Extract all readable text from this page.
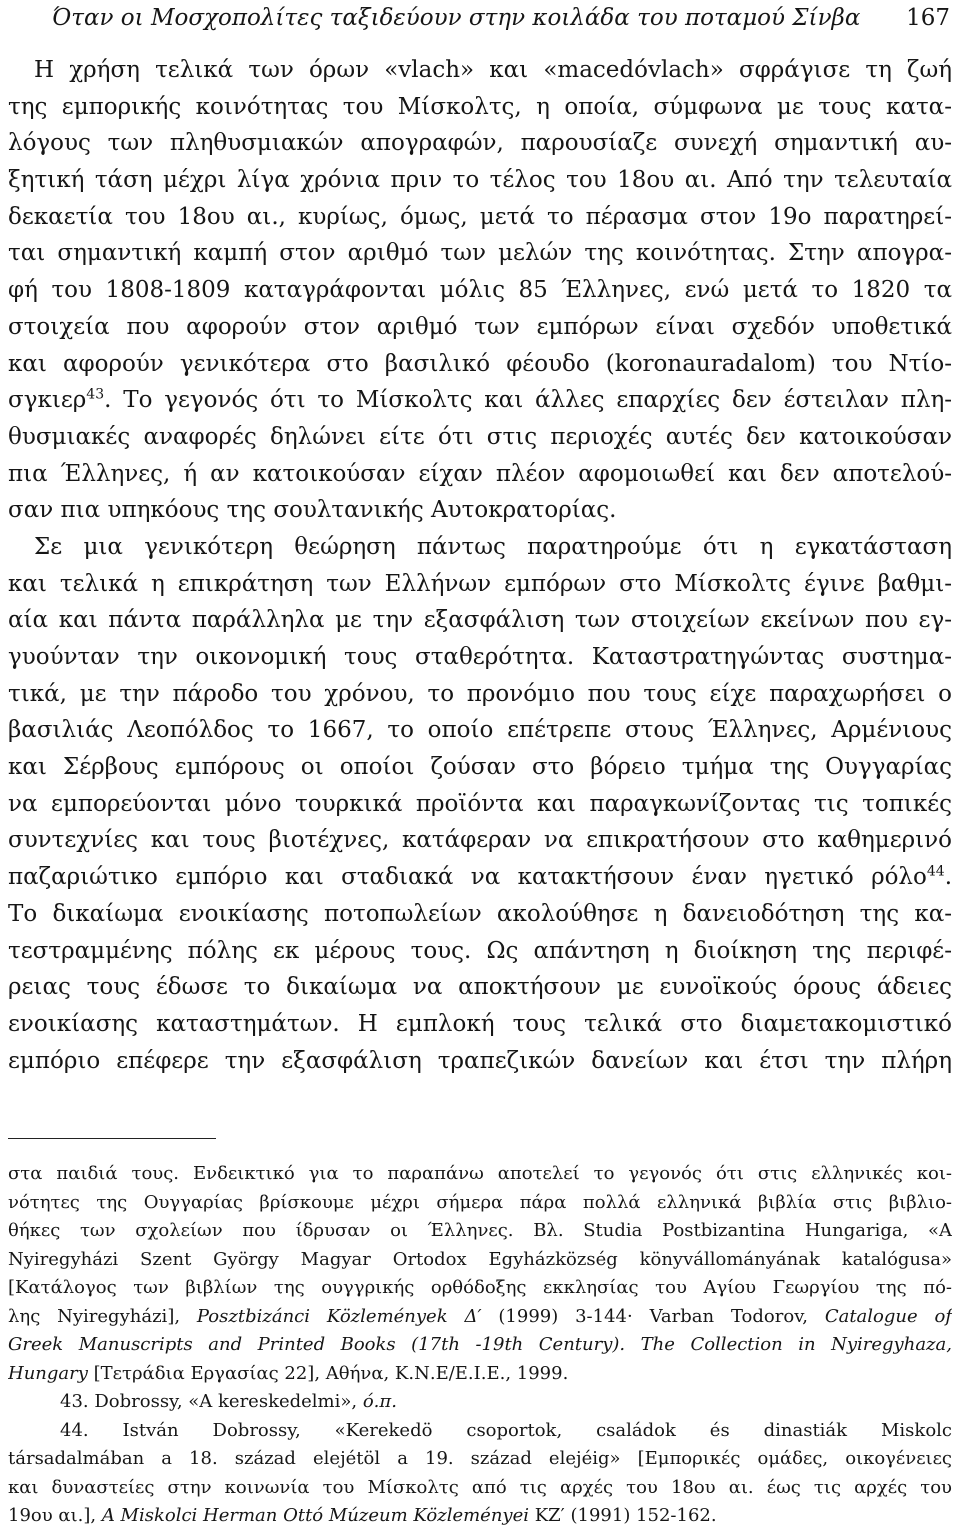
Όταν οι Μοσχοπολίτες ταξιδεύουν στην κοιλάδα του ποταμού Σίνβα 167
Η χρήση τελικά των όρων «vlach» και «macedóvlach» σφράγισε τη ζωή
της εμπορικής κοινότητας του Μίσκολτς, η οποία, σύμφωνα με τους κατα-
λόγους των πληθυσμιακών απογραφών, παρουσίαζε συνεχή σημαντική αυ-
ξητική τάση μέχρι λίγα χρόνια πριν το τέλος του 18ου αι. Από την τελευταία
δεκαετία του 18ου αι., κυρίως, όμως, μετά το πέρασμα στον 19ο παρατηρεί-
ται σημαντική καμπή στον αριθμό των μελών της κοινότητας. Στην απογρα-
φή του 1808-1809 καταγράφονται μόλις 85 Έλληνες, ενώ μετά το 1820 τα
στοιχεία που αφορούν στον αριθμό των εμπόρων είναι σχεδόν υποθετικά
και αφορούν γενικότερα στο βασιλικό φέουδο (koronauradalom) του Ντίο-
σγκιερ$^{43}$. Το γεγονός ότι το Μίσκολτς και άλλες επαρχίες δεν έστειλαν πλη-
θυσμιακές αναφορές δηλώνει είτε ότι στις περιοχές αυτές δεν κατοικούσαν
πια Έλληνες, ή αν κατοικούσαν είχαν πλέον αφομοιωθεί και δεν αποτελού-
σαν πια υπηκόους της σουλτανικής Αυτοκρατορίας.
Σε μια γενικότερη θεώρηση πάντως παρατηρούμε ότι η εγκατάσταση
και τελικά η επικράτηση των Ελλήνων εμπόρων στο Μίσκολτς έγινε βαθμι-
αία και πάντα παράλληλα με την εξασφάλιση των στοιχείων εκείνων που εγ-
γυούνταν την οικονομική τους σταθερότητα. Καταστρατηγώντας συστημα-
τικά, με την πάροδο του χρόνου, το προνόμιο που τους είχε παραχωρήσει ο
βασιλιάς Λεοπόλδος το 1667, το οποίο επέτρεπε στους Έλληνες, Αρμένιους
και Σέρβους εμπόρους οι οποίοι ζούσαν στο βόρειο τμήμα της Ουγγαρίας
να εμπορεύονται μόνο τουρκικά προϊόντα και παραγκωνίζοντας τις τοπικές
συντεχνίες και τους βιοτέχνες, κατάφεραν να επικρατήσουν στο καθημερινό
παζαριώτικο εμπόριο και σταδιακά να κατακτήσουν έναν ηγετικό ρόλο$^{44}$.
Το δικαίωμα ενοικίασης ποτοπωλείων ακολούθησε η δανειοδότηση της κα-
τεστραμμένης πόλης εκ μέρους τους. Ως απάντηση η διοίκηση της περιφέ-
ρειας τους έδωσε το δικαίωμα να αποκτήσουν με ευνοϊκούς όρους άδειες
ενοικίασης καταστημάτων. Η εμπλοκή τους τελικά στο διαμετακομιστικό
εμπόριο επέφερε την εξασφάλιση τραπεζικών δανείων και έτσι την πλήρη
στα παιδιά τους. Ενδεικτικό για το παραπάνω αποτελεί το γεγονός ότι στις ελληνικές κοι-
νότητες της Ουγγαρίας βρίσκουμε μέχρι σήμερα πάρα πολλά ελληνικά βιβλία στις βιβλιο-
θήκες των σχολείων που ίδρυσαν οι Έλληνες. Βλ. Studia Postbizantina Hungariga, «A
Nyiregyházi Szent György Magyar Ortodox Egyházközség könyvállományának katalógusa»
[Κατάλογος των βιβλίων της ουγγρικής ορθόδοξης εκκλησίας του Αγίου Γεωργίου της πό-
λης Nyiregyházi], Posztbizánci Közlemények Δ′ (1999) 3-144· Varban Todorov, Catalogue of
Greek Manuscripts and Printed Books (17th -19th Century). The Collection in Nyiregyhaza,
Hungary [Τετράδια Εργασίας 22], Αθήνα, Κ.Ν.Ε/Ε.Ι.Ε., 1999.
43. Dobrossy, «A kereskedelmi», ό.π.
44. István Dobrossy, «Kerekedö csoportok, családok és dinastiák Miskolc
társadalmában a 18. század elejétöl a 19. század elejéig» [Εμπορικές ομάδες, οικογένειες
και δυναστείες στην κοινωνία του Μίσκολτς από τις αρχές του 18ου αι. έως τις αρχές του
19ου αι.], A Miskolci Herman Ottó Múzeum Közleményei ΚΖ′ (1991) 152-162.
